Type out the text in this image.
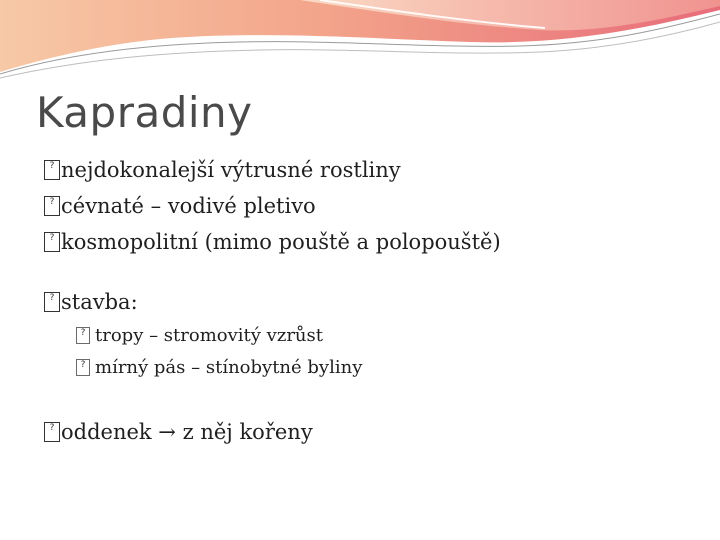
Kapradiny
? nejdokonalejší výtrusné rostliny
? cévnaté – vodivé pletivo
? kosmopolitní (mimo pouště a polopouště)
? stavba:
? tropy – stromovitý vzrůst
? mírný pás – stínobytné byliny
? oddenek → z něj kořeny
